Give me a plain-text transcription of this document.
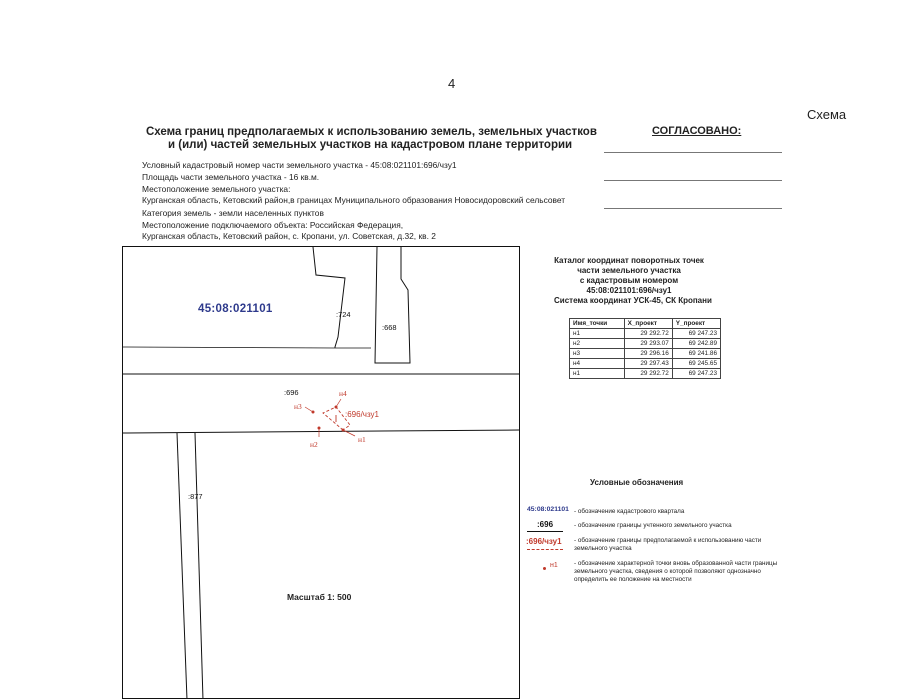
4
Схема
Схема границ предполагаемых к использованию земель, земельных участков
и (или) частей земельных участков на кадастровом плане территории
СОГЛАСОВАНО:
Условный кадастровый номер части земельного участка - 45:08:021101:696/чзу1
Площадь части земельного участка - 16 кв.м.
Местоположение земельного участка:
Курганская область, Кетовский район,в границах Муниципального образования Новосидоровский сельсовет
Категория земель - земли населенных пунктов
Местоположение подключаемого объекта: Российская Федерация,
Курганская область, Кетовский район, с. Кропани, ул. Советская, д.32, кв. 2
45:08:021101	:724
:668
:696
:696/чзу1
:877
н1
н2
н3
н4
Масштаб 1: 500
Каталог координат поворотных точек
части земельного участка
с кадастровым номером
45:08:021101:696/чзу1
Система координат УСК-45, СК Кропани
Имя_точки	X_проект	Y_проект
н1	29 292.72	69 247.23
н2	29 293.07	69 242.89
н3	29 296.16	69 241.86
н4	29 297.43	69 245.65
н1	29 292.72	69 247.23
Условные обозначения
45:08:021101 - обозначение кадастрового квартала
:696	- обозначение границы учтенного земельного участка
:696/чзу1 - обозначение границы предполагаемой к использованию части земельного участка
н1	- обозначение характерной точки вновь образованной части границы земельного участка, сведения о которой позволяют однозначно определить ее положение на местности
